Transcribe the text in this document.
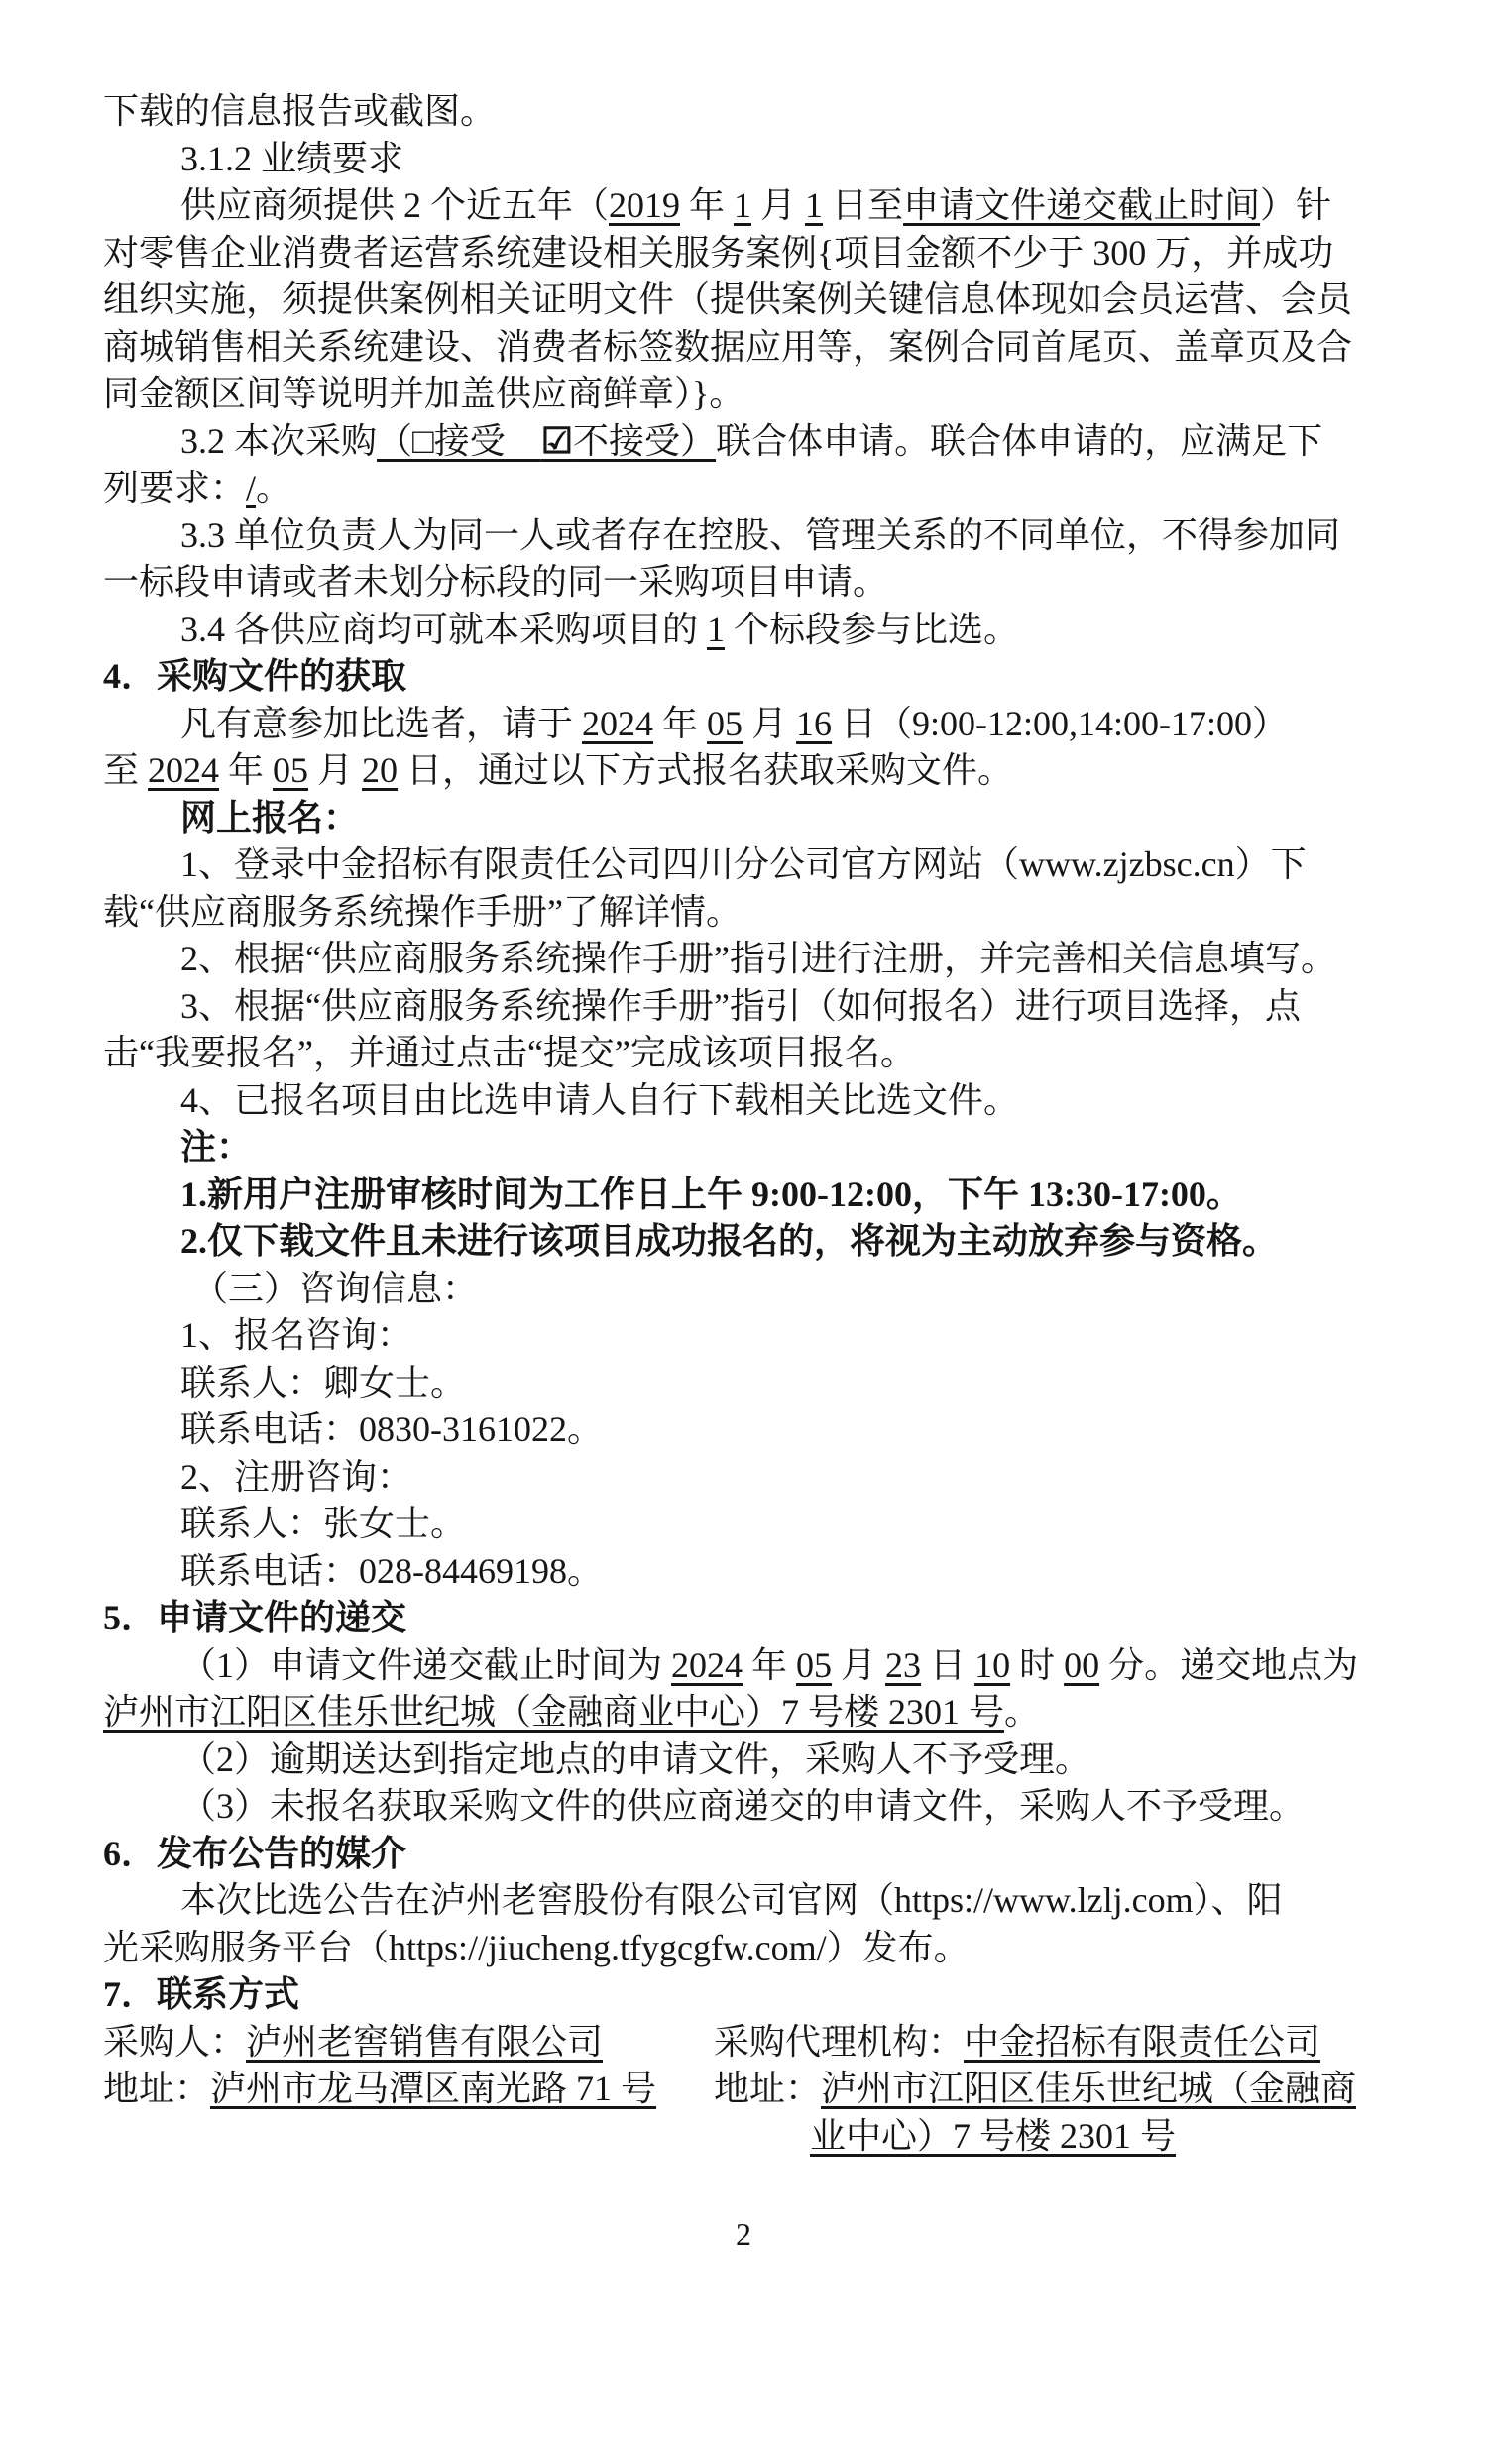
下载的信息报告或截图。
3.1.2 业绩要求
供应商须提供 2 个近五年（2019 年 1 月 1 日至申请文件递交截止时间）针
对零售企业消费者运营系统建设相关服务案例{项目金额不少于 300 万，并成功
组织实施，须提供案例相关证明文件（提供案例关键信息体现如会员运营、会员
商城销售相关系统建设、消费者标签数据应用等，案例合同首尾页、盖章页及合
同金额区间等说明并加盖供应商鲜章）}。
3.2 本次采购（□接受　☑不接受）联合体申请。联合体申请的，应满足下
列要求：/。
3.3 单位负责人为同一人或者存在控股、管理关系的不同单位，不得参加同
一标段申请或者未划分标段的同一采购项目申请。
3.4 各供应商均可就本采购项目的 1 个标段参与比选。
4．采购文件的获取
凡有意参加比选者，请于 2024 年 05 月 16 日（9:00-12:00,14:00-17:00）
至 2024 年 05 月 20 日，通过以下方式报名获取采购文件。
网上报名：
1、登录中金招标有限责任公司四川分公司官方网站（www.zjzbsc.cn）下
载“供应商服务系统操作手册”了解详情。
2、根据“供应商服务系统操作手册”指引进行注册，并完善相关信息填写。
3、根据“供应商服务系统操作手册”指引（如何报名）进行项目选择，点
击“我要报名”，并通过点击“提交”完成该项目报名。
4、已报名项目由比选申请人自行下载相关比选文件。
注：
1.新用户注册审核时间为工作日上午 9:00-12:00，下午 13:30-17:00。
2.仅下载文件且未进行该项目成功报名的，将视为主动放弃参与资格。
（三）咨询信息：
1、报名咨询：
联系人：卿女士。
联系电话：0830-3161022。
2、注册咨询：
联系人：张女士。
联系电话：028-84469198。
5．申请文件的递交
（1）申请文件递交截止时间为 2024 年 05 月 23 日 10 时 00 分。递交地点为
泸州市江阳区佳乐世纪城（金融商业中心）7 号楼 2301 号。
（2）逾期送达到指定地点的申请文件，采购人不予受理。
（3）未报名获取采购文件的供应商递交的申请文件，采购人不予受理。
6．发布公告的媒介
本次比选公告在泸州老窖股份有限公司官网（https://www.lzlj.com）、阳
光采购服务平台（https://jiucheng.tfygcgfw.com/）发布。
7．联系方式
采购人：泸州老窖销售有限公司
地址：泸州市龙马潭区南光路 71 号
采购代理机构：中金招标有限责任公司
地址：泸州市江阳区佳乐世纪城（金融商
业中心）7 号楼 2301 号
2
